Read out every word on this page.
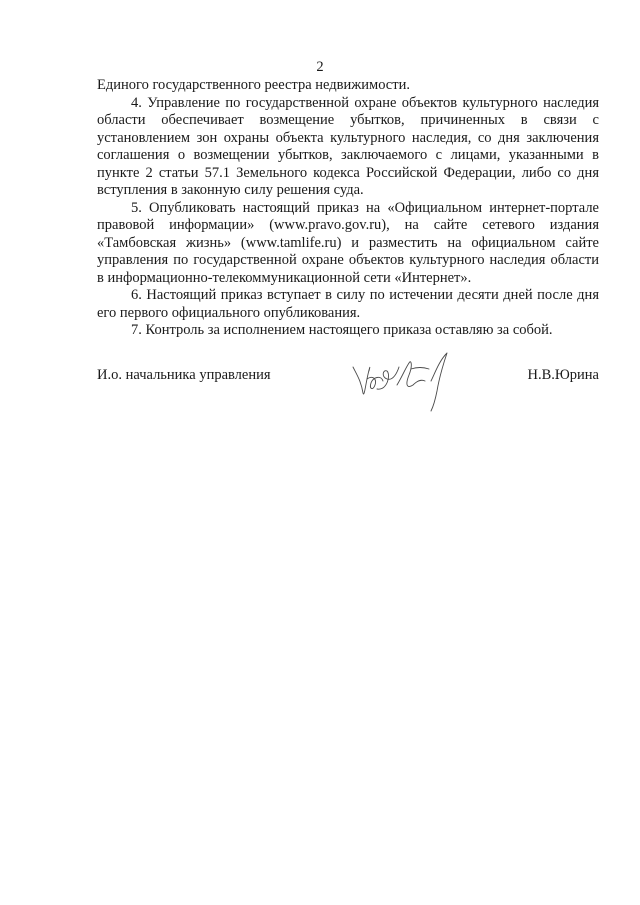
2

Единого государственного реестра недвижимости.

4. Управление по государственной охране объектов культурного наследия области обеспечивает возмещение убытков, причиненных в связи с установлением зон охраны объекта культурного наследия, со дня заключения соглашения о возмещении убытков, заключаемого с лицами, указанными в пункте 2 статьи 57.1 Земельного кодекса Российской Федерации, либо со дня вступления в законную силу решения суда.

5. Опубликовать настоящий приказ на «Официальном интернет-портале правовой информации» (www.pravo.gov.ru), на сайте сетевого издания «Тамбовская жизнь» (www.tamlife.ru) и разместить на официальном сайте управления по государственной охране объектов культурного наследия области в информационно-телекоммуникационной сети «Интернет».

6. Настоящий приказ вступает в силу по истечении десяти дней после дня его первого официального опубликования.

7. Контроль за исполнением настоящего приказа оставляю за собой.

И.о. начальника управления	Н.В.Юрина
